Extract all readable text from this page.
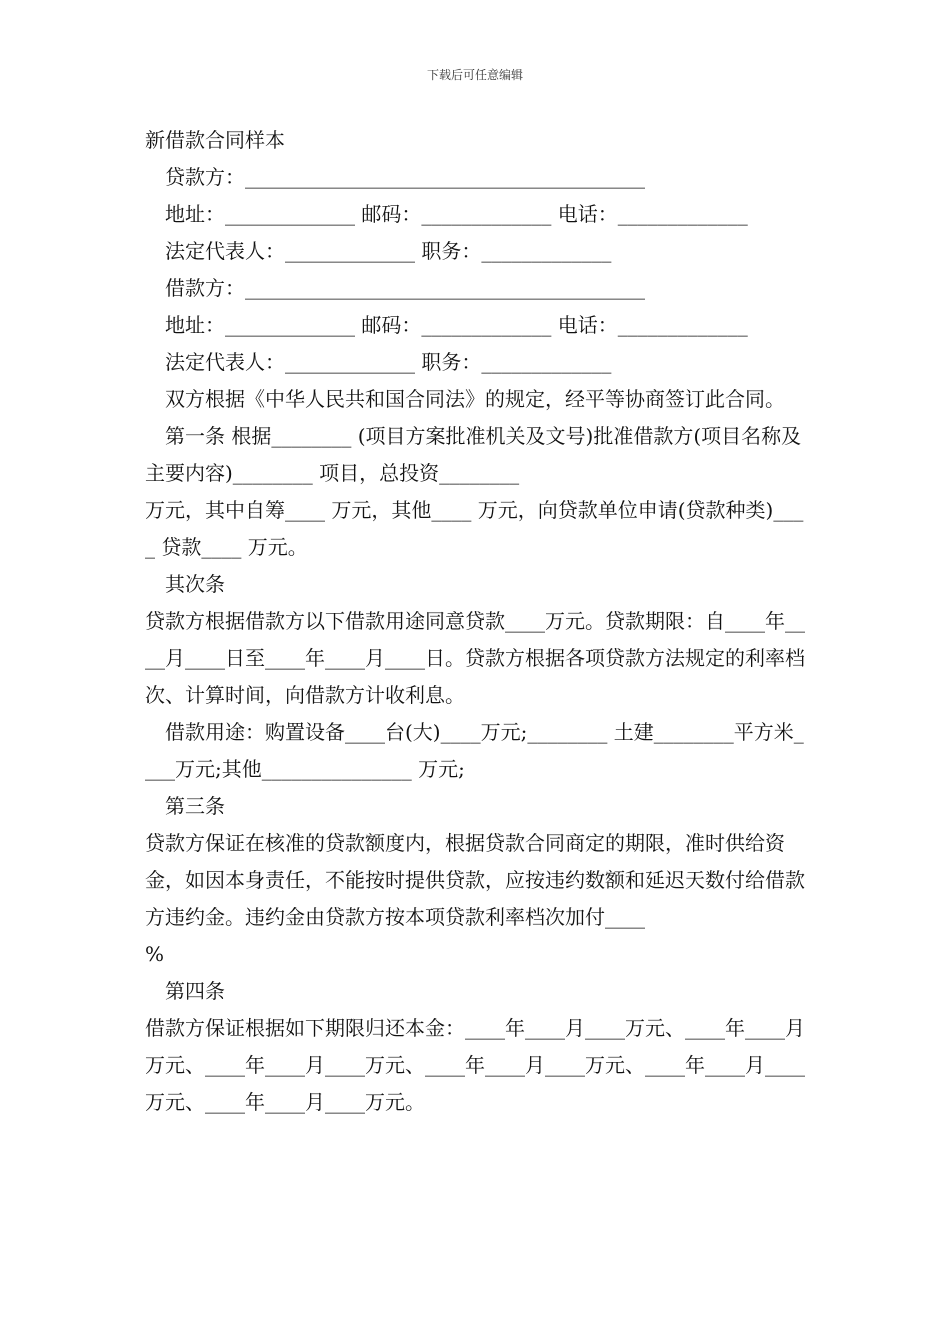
下载后可任意编辑
新借款合同样本
贷款方：________________________________________
地址：_____________ 邮码：_____________ 电话：_____________
法定代表人：_____________ 职务：_____________
借款方：________________________________________
地址：_____________ 邮码：_____________ 电话：_____________
法定代表人：_____________ 职务：_____________
双方根据《中华人民共和国合同法》的规定，经平等协商签订此合同。
第一条 根据________ (项目方案批准机关及文号)批准借款方(项目名称及主要内容)________ 项目，总投资________
万元，其中自筹____ 万元，其他____ 万元，向贷款单位申请(贷款种类)____ 贷款____ 万元。
其次条
贷款方根据借款方以下借款用途同意贷款____万元。贷款期限：自____年____月____日至____年____月____日。贷款方根据各项贷款方法规定的利率档次、计算时间，向借款方计收利息。
借款用途：购置设备____台(大)____万元;________ 土建________平方米____万元;其他_______________ 万元;
第三条
贷款方保证在核准的贷款额度内，根据贷款合同商定的期限，准时供给资金，如因本身责任，不能按时提供贷款，应按违约数额和延迟天数付给借款方违约金。违约金由贷款方按本项贷款利率档次加付____
%
第四条
借款方保证根据如下期限归还本金：____年____月____万元、____年____月万元、____年____月____万元、____年____月____万元、____年____月____万元、____年____月____万元。
